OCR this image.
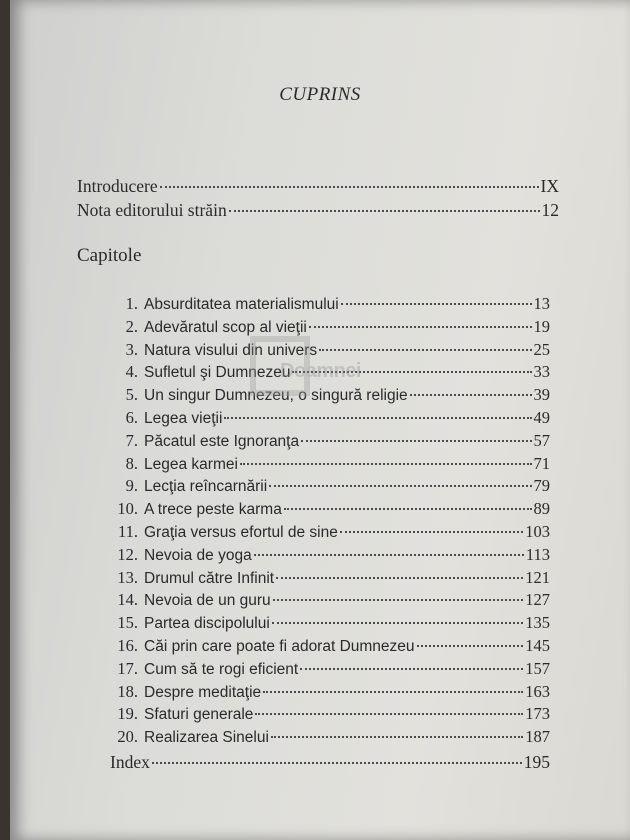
CUPRINS
Introducere	IX
Nota editorului străin	12
Capitole
1. Absurditatea materialismului	13
2. Adevăratul scop al vieţii	19
3. Natura visului din univers	25
4. Sufletul şi Dumnezeu	33
5. Un singur Dumnezeu, o singură religie	39
6. Legea vieţii	49
7. Păcatul este Ignoranţa	57
8. Legea karmei	71
9. Lecţia reîncarnării	79
10. A trece peste karma	89
11. Graţia versus efortul de sine	103
12. Nevoia de yoga	113
13. Drumul către Infinit	121
14. Nevoia de un guru	127
15. Partea discipolului	135
16. Căi prin care poate fi adorat Dumnezeu	145
17. Cum să te rogi eficient	157
18. Despre meditaţie	163
19. Sfaturi generale	173
20. Realizarea Sinelui	187
Index	195
Doamnei
